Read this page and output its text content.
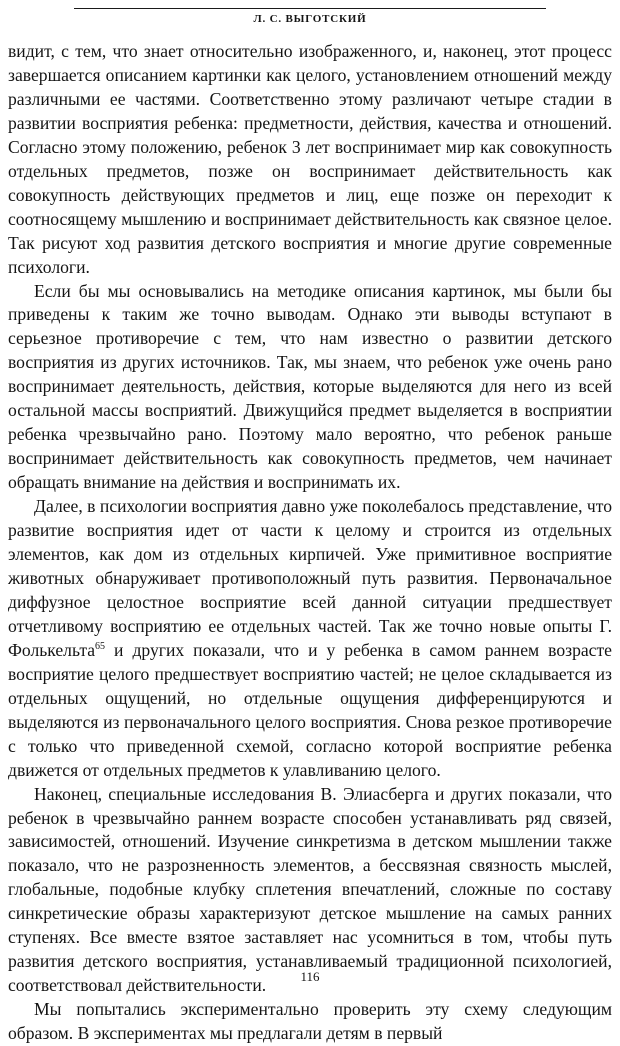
Л. С. ВЫГОТСКИЙ

видит, с тем, что знает относительно изображенного, и, наконец, этот процесс завершается описанием картинки как целого, установлением отношений между различными ее частями. Соответственно этому различают четыре стадии в развитии восприятия ребенка: предметности, действия, качества и отношений. Согласно этому положению, ребенок 3 лет воспринимает мир как совокупность отдельных предметов, позже он воспринимает действительность как совокупность действующих предметов и лиц, еще позже он переходит к соотносящему мышлению и воспринимает действительность как связное целое. Так рисуют ход развития детского восприятия и многие другие современные психологи.

Если бы мы основывались на методике описания картинок, мы были бы приведены к таким же точно выводам. Однако эти выводы вступают в серьезное противоречие с тем, что нам известно о развитии детского восприятия из других источников. Так, мы знаем, что ребенок уже очень рано воспринимает деятельность, действия, которые выделяются для него из всей остальной массы восприятий. Движущийся предмет выделяется в восприятии ребенка чрезвычайно рано. Поэтому мало вероятно, что ребенок раньше воспринимает действительность как совокупность предметов, чем начинает обращать внимание на действия и воспринимать их.

Далее, в психологии восприятия давно уже поколебалось представление, что развитие восприятия идет от части к целому и строится из отдельных элементов, как дом из отдельных кирпичей. Уже примитивное восприятие животных обнаруживает противоположный путь развития. Первоначальное диффузное целостное восприятие всей данной ситуации предшествует отчетливому восприятию ее отдельных частей. Так же точно новые опыты Г. Фолькельта$^{65}$ и других показали, что и у ребенка в самом раннем возрасте восприятие целого предшествует восприятию частей; не целое складывается из отдельных ощущений, но отдельные ощущения дифференцируются и выделяются из первоначального целого восприятия. Снова резкое противоречие с только что приведенной схемой, согласно которой восприятие ребенка движется от отдельных предметов к улавливанию целого.

Наконец, специальные исследования В. Элиасберга и других показали, что ребенок в чрезвычайно раннем возрасте способен устанавливать ряд связей, зависимостей, отношений. Изучение синкретизма в детском мышлении также показало, что не разрозненность элементов, а бессвязная связность мыслей, глобальные, подобные клубку сплетения впечатлений, сложные по составу синкретические образы характеризуют детское мышление на самых ранних ступенях. Все вместе взятое заставляет нас усомниться в том, чтобы путь развития детского восприятия, устанавливаемый традиционной психологией, соответствовал действительности.

Мы попытались экспериментально проверить эту схему следующим образом. В экспериментах мы предлагали детям в первый

116
